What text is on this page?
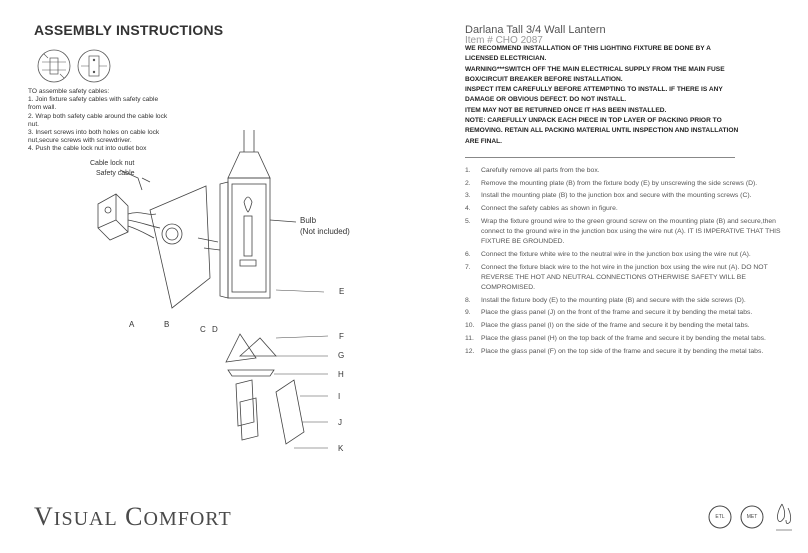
ASSEMBLY INSTRUCTIONS
TO assemble safety cables:
1. Join fixture safety cables with safety cable from wall.
2. Wrap both safety cable around the cable lock nut.
3. Insert screws into both holes on cable lock nut,secure screws with screwdriver.
4. Push the cable lock nut into outlet box
Cable lock nut
Safety cable
Bulb
(Not included)
A	B
C D
E
F
G
H
I
J
K
VISUAL COMFORT
Darlana Tall 3/4 Wall Lantern
Item # CHO 2087
WE RECOMMEND INSTALLATION OF THIS LIGHTING FIXTURE BE DONE BY A LICENSED ELECTRICIAN.
WARNING***SWITCH OFF THE MAIN ELECTRICAL SUPPLY FROM THE MAIN FUSE BOX/CIRCUIT BREAKER BEFORE INSTALLATION.
INSPECT ITEM CAREFULLY BEFORE ATTEMPTING TO INSTALL. IF THERE IS ANY DAMAGE OR OBVIOUS DEFECT. DO NOT INSTALL.
ITEM MAY NOT BE RETURNED ONCE IT HAS BEEN INSTALLED.
NOTE: CAREFULLY UNPACK EACH PIECE IN TOP LAYER OF PACKING PRIOR TO REMOVING. RETAIN ALL PACKING MATERIAL UNTIL INSPECTION AND INSTALLATION ARE FINAL.
1.	Carefully remove all parts from the box.
2.	Remove the mounting plate (B) from the fixture body (E) by unscrewing the side screws (D).
3.	Install the mounting plate (B) to the junction box and secure with the mounting screws (C).
4.	Connect the safety cables as shown in figure.
5.	Wrap the fixture ground wire to the green ground screw on the mounting plate (B) and secure,then connect to the ground wire in the junction box using the wire nut (A). IT IS IMPERATIVE THAT THIS FIXTURE BE GROUNDED.
6.	Connect the fixture white wire to the neutral wire in the junction box using the wire nut (A).
7.	Connect the fixture black wire to the hot wire in the junction box using the wire nut (A). DO NOT REVERSE THE HOT AND NEUTRAL CONNECTIONS OTHERWISE SAFETY WILL BE COMPROMISED.
8.	Install the fixture body (E) to the mounting plate (B) and secure with the side screws (D).
9.	Place the glass panel (J) on the front of the frame and secure it by bending the metal tabs.
10. Place the glass panel (I) on the side of the frame and secure it by bending the metal tabs.
11.	Place the glass panel (H) on the top back of the frame and secure it by bending the metal tabs.
12. Place the glass panel (F) on the top side of the frame and secure it by bending the metal tabs.
ETL	MET
